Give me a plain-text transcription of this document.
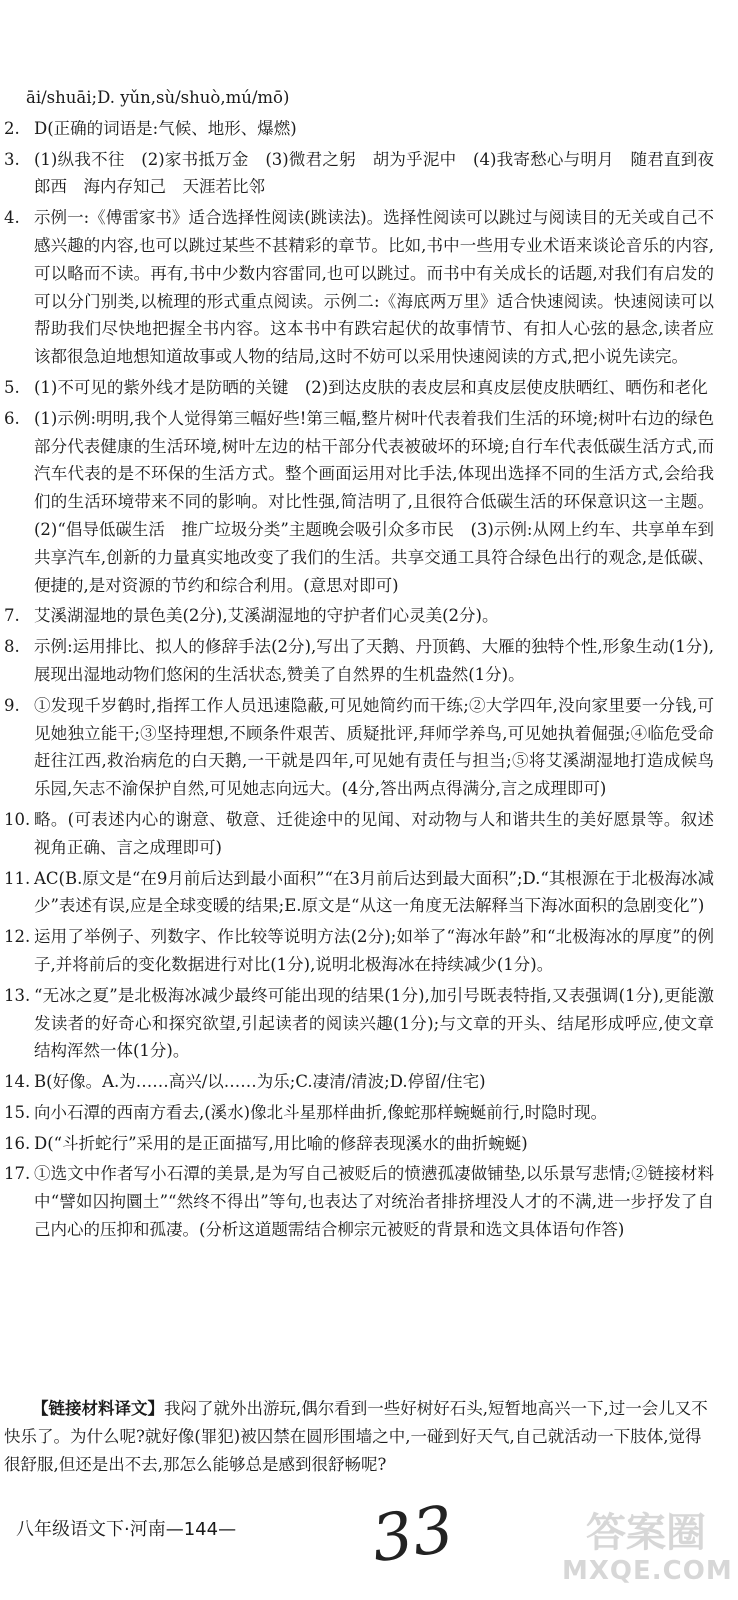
āi/shuāi;D. yǔn,sù/shuò,mú/mō)
2. D(正确的词语是:气候、地形、爆燃)
3. (1)纵我不往　(2)家书抵万金　(3)微君之躬　胡为乎泥中　(4)我寄愁心与明月　随君直到夜郎西　海内存知己　天涯若比邻
4. 示例一:《傅雷家书》适合选择性阅读(跳读法)。选择性阅读可以跳过与阅读目的无关或自己不感兴趣的内容,也可以跳过某些不甚精彩的章节。比如,书中一些用专业术语来谈论音乐的内容,可以略而不读。再有,书中少数内容雷同,也可以跳过。而书中有关成长的话题,对我们有启发的可以分门别类,以梳理的形式重点阅读。示例二:《海底两万里》适合快速阅读。快速阅读可以帮助我们尽快地把握全书内容。这本书中有跌宕起伏的故事情节、有扣人心弦的悬念,读者应该都很急迫地想知道故事或人物的结局,这时不妨可以采用快速阅读的方式,把小说先读完。
5. (1)不可见的紫外线才是防晒的关键　(2)到达皮肤的表皮层和真皮层使皮肤晒红、晒伤和老化
6. (1)示例:明明,我个人觉得第三幅好些!第三幅,整片树叶代表着我们生活的环境;树叶右边的绿色部分代表健康的生活环境,树叶左边的枯干部分代表被破坏的环境;自行车代表低碳生活方式,而汽车代表的是不环保的生活方式。整个画面运用对比手法,体现出选择不同的生活方式,会给我们的生活环境带来不同的影响。对比性强,简洁明了,且很符合低碳生活的环保意识这一主题。(2)“倡导低碳生活　推广垃圾分类”主题晚会吸引众多市民　(3)示例:从网上约车、共享单车到共享汽车,创新的力量真实地改变了我们的生活。共享交通工具符合绿色出行的观念,是低碳、便捷的,是对资源的节约和综合利用。(意思对即可)
7. 艾溪湖湿地的景色美(2分),艾溪湖湿地的守护者们心灵美(2分)。
8. 示例:运用排比、拟人的修辞手法(2分),写出了天鹅、丹顶鹤、大雁的独特个性,形象生动(1分),展现出湿地动物们悠闲的生活状态,赞美了自然界的生机盎然(1分)。
9. ①发现千岁鹤时,指挥工作人员迅速隐蔽,可见她简约而干练;②大学四年,没向家里要一分钱,可见她独立能干;③坚持理想,不顾条件艰苦、质疑批评,拜师学养鸟,可见她执着倔强;④临危受命赶往江西,救治病危的白天鹅,一干就是四年,可见她有责任与担当;⑤将艾溪湖湿地打造成候鸟乐园,矢志不渝保护自然,可见她志向远大。(4分,答出两点得满分,言之成理即可)
10. 略。(可表述内心的谢意、敬意、迁徙途中的见闻、对动物与人和谐共生的美好愿景等。叙述视角正确、言之成理即可)
11. AC(B.原文是“在9月前后达到最小面积”“在3月前后达到最大面积”;D.“其根源在于北极海冰减少”表述有误,应是全球变暖的结果;E.原文是“从这一角度无法解释当下海冰面积的急剧变化”)
12. 运用了举例子、列数字、作比较等说明方法(2分);如举了“海冰年龄”和“北极海冰的厚度”的例子,并将前后的变化数据进行对比(1分),说明北极海冰在持续减少(1分)。
13. “无冰之夏”是北极海冰减少最终可能出现的结果(1分),加引号既表特指,又表强调(1分),更能激发读者的好奇心和探究欲望,引起读者的阅读兴趣(1分);与文章的开头、结尾形成呼应,使文章结构浑然一体(1分)。
14. B(好像。A.为……高兴/以……为乐;C.凄清/清波;D.停留/住宅)
15. 向小石潭的西南方看去,(溪水)像北斗星那样曲折,像蛇那样蜿蜒前行,时隐时现。
16. D(“斗折蛇行”采用的是正面描写,用比喻的修辞表现溪水的曲折蜿蜒)
17. ①选文中作者写小石潭的美景,是为写自己被贬后的愤懑孤凄做铺垫,以乐景写悲情;②链接材料中“譬如囚拘圜土”“然终不得出”等句,也表达了对统治者排挤埋没人才的不满,进一步抒发了自己内心的压抑和孤凄。(分析这道题需结合柳宗元被贬的背景和选文具体语句作答)
【链接材料译文】我闷了就外出游玩,偶尔看到一些好树好石头,短暂地高兴一下,过一会儿又不快乐了。为什么呢?就好像(罪犯)被囚禁在圆形围墙之中,一碰到好天气,自己就活动一下肢体,觉得很舒服,但还是出不去,那怎么能够总是感到很舒畅呢?
八年级语文下·河南—144— 33	答案圈
MXQE.COM
